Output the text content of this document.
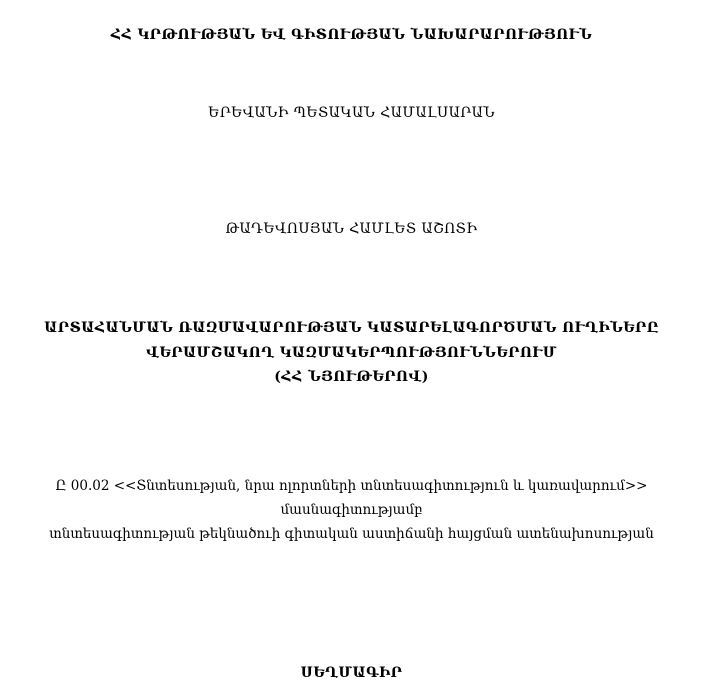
ՀՀ ԿՐԹՈՒԹՅԱՆ ԵՎ ԳԻՏՈՒԹՅԱՆ ՆԱԽԱՐԱՐՈՒԹՅՈՒՆ
ԵՐԵՎԱՆԻ ՊԵՏԱԿԱՆ ՀԱՄԱԼՍԱՐԱՆ
ԹԱԴԵՎՈՍՅԱՆ ՀԱՄԼԵՏ ԱՇՈՏԻ
ԱՐՏԱՀԱՆՄԱՆ ՌԱԶՄԱՎԱՐՈՒԹՅԱՆ ԿԱՏԱՐԵԼԱԳՈՐԾՄԱՆ ՈՒՂԻՆԵՐԸ
ՎԵՐԱՄՇԱԿՈՂ ԿԱԶՄԱԿԵՐՊՈՒԹՅՈՒՆՆԵՐՈՒՄ
(ՀՀ ՆՅՈՒԹԵՐՈՎ)
Ը 00.02 <<Տնտեսության, նրա ոլորտների տնտեսագիտություն և կառավարում>>
մասնագիտությամբ
տնտեսագիտության թեկնածուի գիտական աստիճանի հայցման ատենախոսության
ՍԵՂՄԱԳԻՐ
